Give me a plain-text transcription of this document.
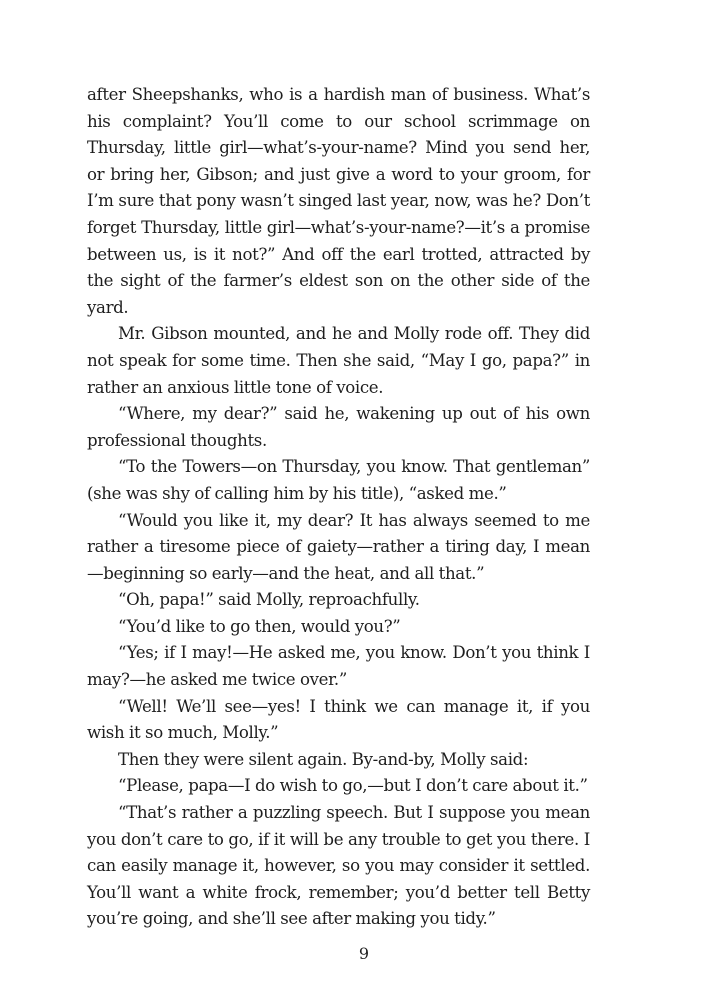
after Sheepshanks, who is a hardish man of business. What’s his complaint? You’ll come to our school scrimmage on Thursday, little girl—what’s-your-name? Mind you send her, or bring her, Gibson; and just give a word to your groom, for I’m sure that pony wasn’t singed last year, now, was he? Don’t forget Thursday, little girl—what’s-your-name?—it’s a promise between us, is it not?” And off the earl trotted, attracted by the sight of the farmer’s eldest son on the other side of the yard.

Mr. Gibson mounted, and he and Molly rode off. They did not speak for some time. Then she said, “May I go, papa?” in rather an anxious little tone of voice.

“Where, my dear?” said he, wakening up out of his own professional thoughts.

“To the Towers—on Thursday, you know. That gentleman” (she was shy of calling him by his title), “asked me.”

“Would you like it, my dear? It has always seemed to me rather a tiresome piece of gaiety—rather a tiring day, I mean—beginning so early—and the heat, and all that.”

“Oh, papa!” said Molly, reproachfully.

“You’d like to go then, would you?”

“Yes; if I may!—He asked me, you know. Don’t you think I may?—he asked me twice over.”

“Well! We’ll see—yes! I think we can manage it, if you wish it so much, Molly.”

Then they were silent again. By-and-by, Molly said:

“Please, papa—I do wish to go,—but I don’t care about it.”

“That’s rather a puzzling speech. But I suppose you mean you don’t care to go, if it will be any trouble to get you there. I can easily manage it, however, so you may consider it settled. You’ll want a white frock, remember; you’d better tell Betty you’re going, and she’ll see after making you tidy.”

9
